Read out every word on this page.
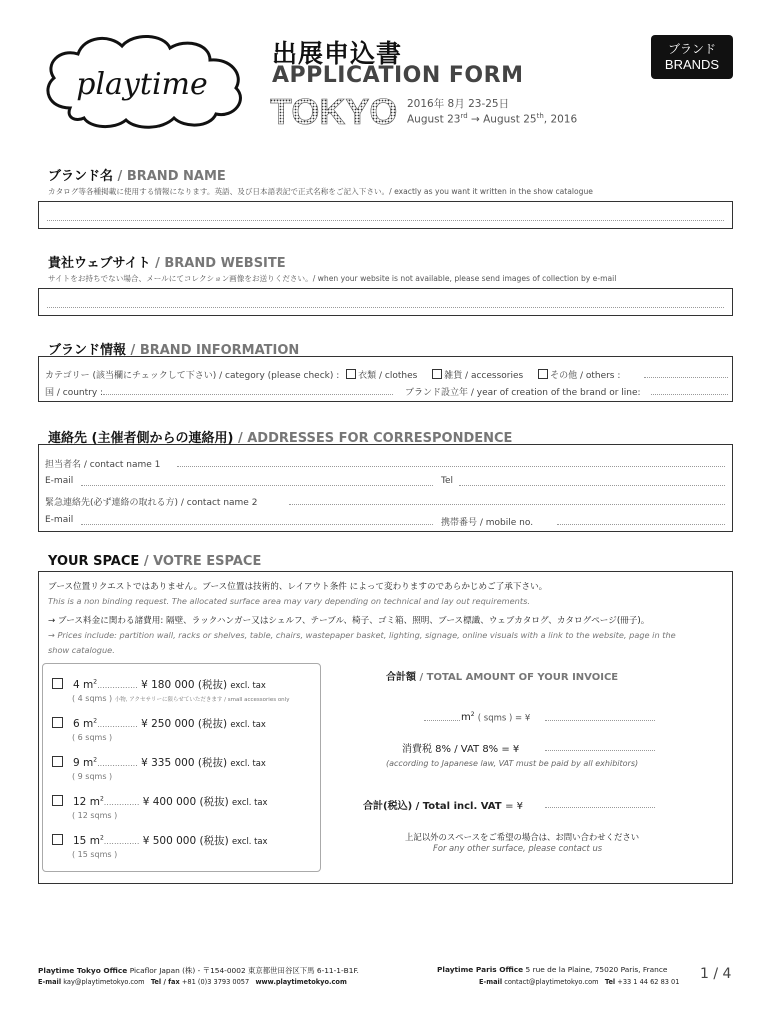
playtime
出展申込書
APPLICATION FORM
TOKYO 2016年 8月 23-25日
August 23rd → August 25th, 2016
ブランド
BRANDS
ブランド名 / BRAND NAME
カタログ等各種掲載に使用する情報になります。英語、及び日本語表記で正式名称をご記入下さい。/ exactly as you want it written in the show catalogue
貴社ウェブサイト / BRAND WEBSITE
サイトをお持ちでない場合、メールにてコレクション画像をお送りください。/ when your website is not available, please send images of collection by e-mail
ブランド情報 / BRAND INFORMATION
カテゴリー (該当欄にチェックして下さい) / category (please check) : 衣類 / clothes	雑貨 / accessories	その他 / others :
国 / country :	ブランド設立年 / year of creation of the brand or line:
連絡先 (主催者側からの連絡用) / ADDRESSES FOR CORRESPONDENCE
担当者名 / contact name 1
E-mail	Tel
緊急連絡先(必ず連絡の取れる方) / contact name 2
E-mail	携帯番号 / mobile no.
YOUR SPACE / VOTRE ESPACE
ブース位置リクエストではありません。ブース位置は技術的、レイアウト条件 によって変わりますのであらかじめご了承下さい。
This is a non binding request. The allocated surface area may vary depending on technical and lay out requirements.
→ ブース料金に関わる諸費用: 隔壁、ラックハンガー又はシェルフ、テーブル、椅子、ゴミ箱、照明、ブース標識、ウェブカタログ、カタログページ(冊子)。
→ Prices include: partition wall, racks or shelves, table, chairs, wastepaper basket, lighting, signage, online visuals with a link to the website, page in the
show catalogue.
4 $m^2$................ ¥ 180 000 (税抜) excl. tax
( 4 sqms ) 小物, アクセサリーに限らせていただきます / small accessories only
6 $m^2$................ ¥ 250 000 (税抜) excl. tax
( 6 sqms )
9 $m^2$................ ¥ 335 000 (税抜) excl. tax
( 9 sqms )
12 $m^2$.............. ¥ 400 000 (税抜) excl. tax
( 12 sqms )
15 $m^2$.............. ¥ 500 000 (税抜) excl. tax
( 15 sqms )
合計額 / TOTAL AMOUNT OF YOUR INVOICE
$m^2$ ( sqms ) = ¥
消費税 8% / VAT 8% = ¥
(according to Japanese law, VAT must be paid by all exhibitors)
合計(税込) / Total incl. VAT = ¥
上記以外のスペースをご希望の場合は、お問い合わせください
For any other surface, please contact us
Playtime Tokyo Office Picaflor Japan (株) - 〒154-0002 東京都世田谷区下馬 6-11-1-B1F.
E-mail kay@playtimetokyo.com Tel / fax +81 (0)3 3793 0057 www.playtimetokyo.com
Playtime Paris Office 5 rue de la Plaine, 75020 Paris, France
E-mail contact@playtimetokyo.com Tel +33 1 44 62 83 01 1 / 4
